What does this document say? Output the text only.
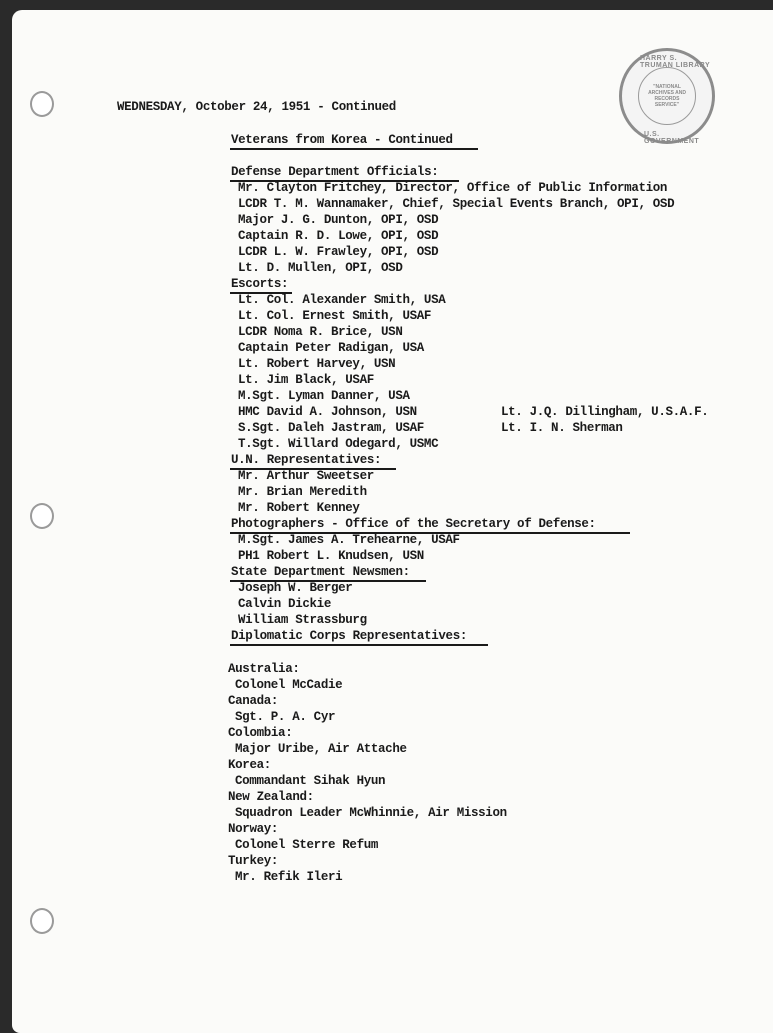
HARRY S. TRUMAN LIBRARY
"NATIONAL ARCHIVES AND RECORDS SERVICE"
U.S. GOVERNMENT
WEDNESDAY, October 24, 1951 - Continued
Veterans from Korea - Continued
Defense Department Officials:
Mr. Clayton Fritchey, Director, Office of Public Information
LCDR T. M. Wannamaker, Chief, Special Events Branch, OPI, OSD
Major J. G. Dunton, OPI, OSD
Captain R. D. Lowe, OPI, OSD
LCDR L. W. Frawley, OPI, OSD
Lt. D. Mullen, OPI, OSD
Escorts:
Lt. Col. Alexander Smith, USA
Lt. Col. Ernest Smith, USAF
LCDR Noma R. Brice, USN
Captain Peter Radigan, USA
Lt. Robert Harvey, USN
Lt. Jim Black, USAF
M.Sgt. Lyman Danner, USA
HMC David A. Johnson, USN
S.Sgt. Daleh Jastram, USAF
T.Sgt. Willard Odegard, USMC
Lt. J.Q. Dillingham, U.S.A.F.
Lt. I. N. Sherman
U.N. Representatives:
Mr. Arthur Sweetser
Mr. Brian Meredith
Mr. Robert Kenney
Photographers - Office of the Secretary of Defense:
M.Sgt. James A. Trehearne, USAF
PH1 Robert L. Knudsen, USN
State Department Newsmen:
Joseph W. Berger
Calvin Dickie
William Strassburg
Diplomatic Corps Representatives:
Australia:
Colonel McCadie
Canada:
Sgt. P. A. Cyr
Colombia:
Major Uribe, Air Attache
Korea:
Commandant Sihak Hyun
New Zealand:
Squadron Leader McWhinnie, Air Mission
Norway:
Colonel Sterre Refum
Turkey:
Mr. Refik Ileri
